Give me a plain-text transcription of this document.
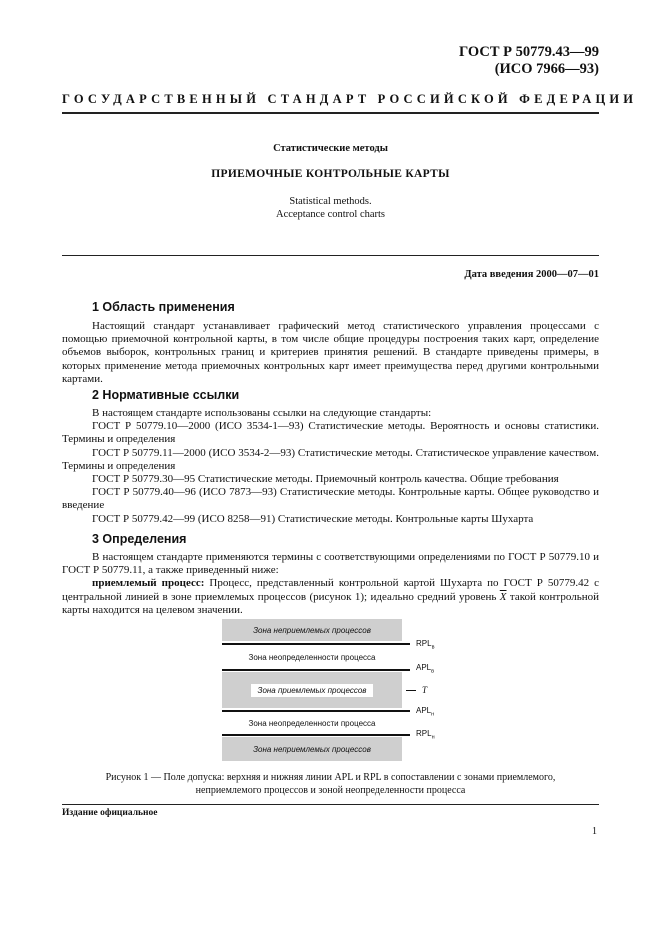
ГОСТ Р 50779.43—99
(ИСО 7966—93)
ГОСУДАРСТВЕННЫЙ СТАНДАРТ РОССИЙСКОЙ ФЕДЕРАЦИИ
Статистические методы
ПРИЕМОЧНЫЕ КОНТРОЛЬНЫЕ КАРТЫ
Statistical methods.
Acceptance control charts
Дата введения 2000—07—01
1 Область применения

Настоящий стандарт устанавливает графический метод статистического управления процессами с помощью приемочной контрольной карты, в том числе общие процедуры построения таких карт, определение объемов выборок, контрольных границ и критериев принятия решений. В стандарте приведены примеры, в которых применение метода приемочных контрольных карт имеет преимущества перед другими контрольными картами.

2 Нормативные ссылки

В настоящем стандарте использованы ссылки на следующие стандарты:

ГОСТ Р 50779.10—2000 (ИСО 3534-1—93) Статистические методы. Вероятность и основы статистики. Термины и определения

ГОСТ Р 50779.11—2000 (ИСО 3534-2—93) Статистические методы. Статистическое управление качеством. Термины и определения

ГОСТ Р 50779.30—95 Статистические методы. Приемочный контроль качества. Общие требования

ГОСТ Р 50779.40—96 (ИСО 7873—93) Статистические методы. Контрольные карты. Общее руководство и введение

ГОСТ Р 50779.42—99 (ИСО 8258—91) Статистические методы. Контрольные карты Шухарта

3 Определения

В настоящем стандарте применяются термины с соответствующими определениями по ГОСТ Р 50779.10 и ГОСТ Р 50779.11, а также приведенный ниже:

приемлемый процесс: Процесс, представленный контрольной картой Шухарта по ГОСТ Р 50779.42 с центральной линией в зоне приемлемых процессов (рисунок 1); идеально средний уровень $\overline{X}$ такой контрольной карты находится на целевом значении.

Зона неприемлемых процессов
$RPL_в$
Зона неопределенности процесса
$APL_в$
Зона приемлемых процессов	T
$APL_н$
Зона неопределенности процесса
$RPL_н$
Зона неприемлемых процессов
Рисунок 1 — Поле допуска: верхняя и нижняя линии APL и RPL в сопоставлении с зонами приемлемого,
неприемлемого процессов и зоной неопределенности процесса
Издание официальное
1
